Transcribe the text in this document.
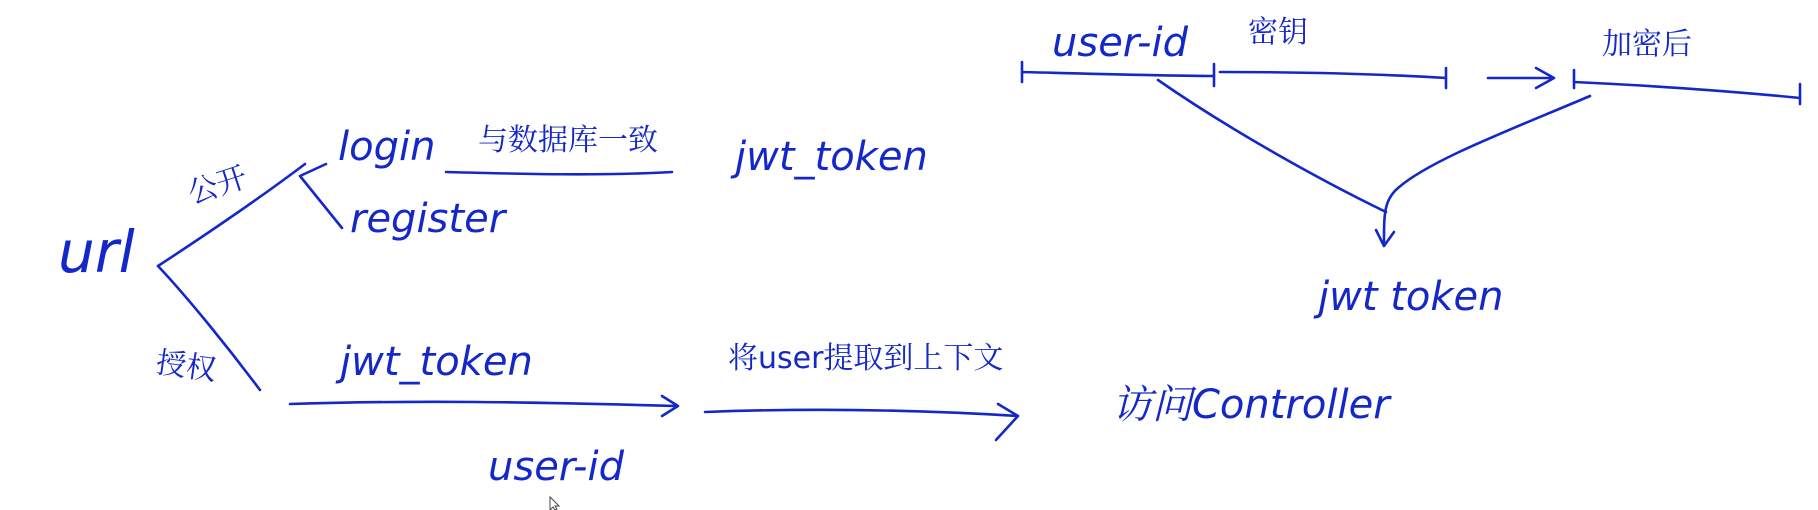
url
公开
login
register
与数据库一致 jwt_token
授权	jwt_token
user-id
将user提取到上下文
访问Controller
user-id 密钥	加密后
jwt token
